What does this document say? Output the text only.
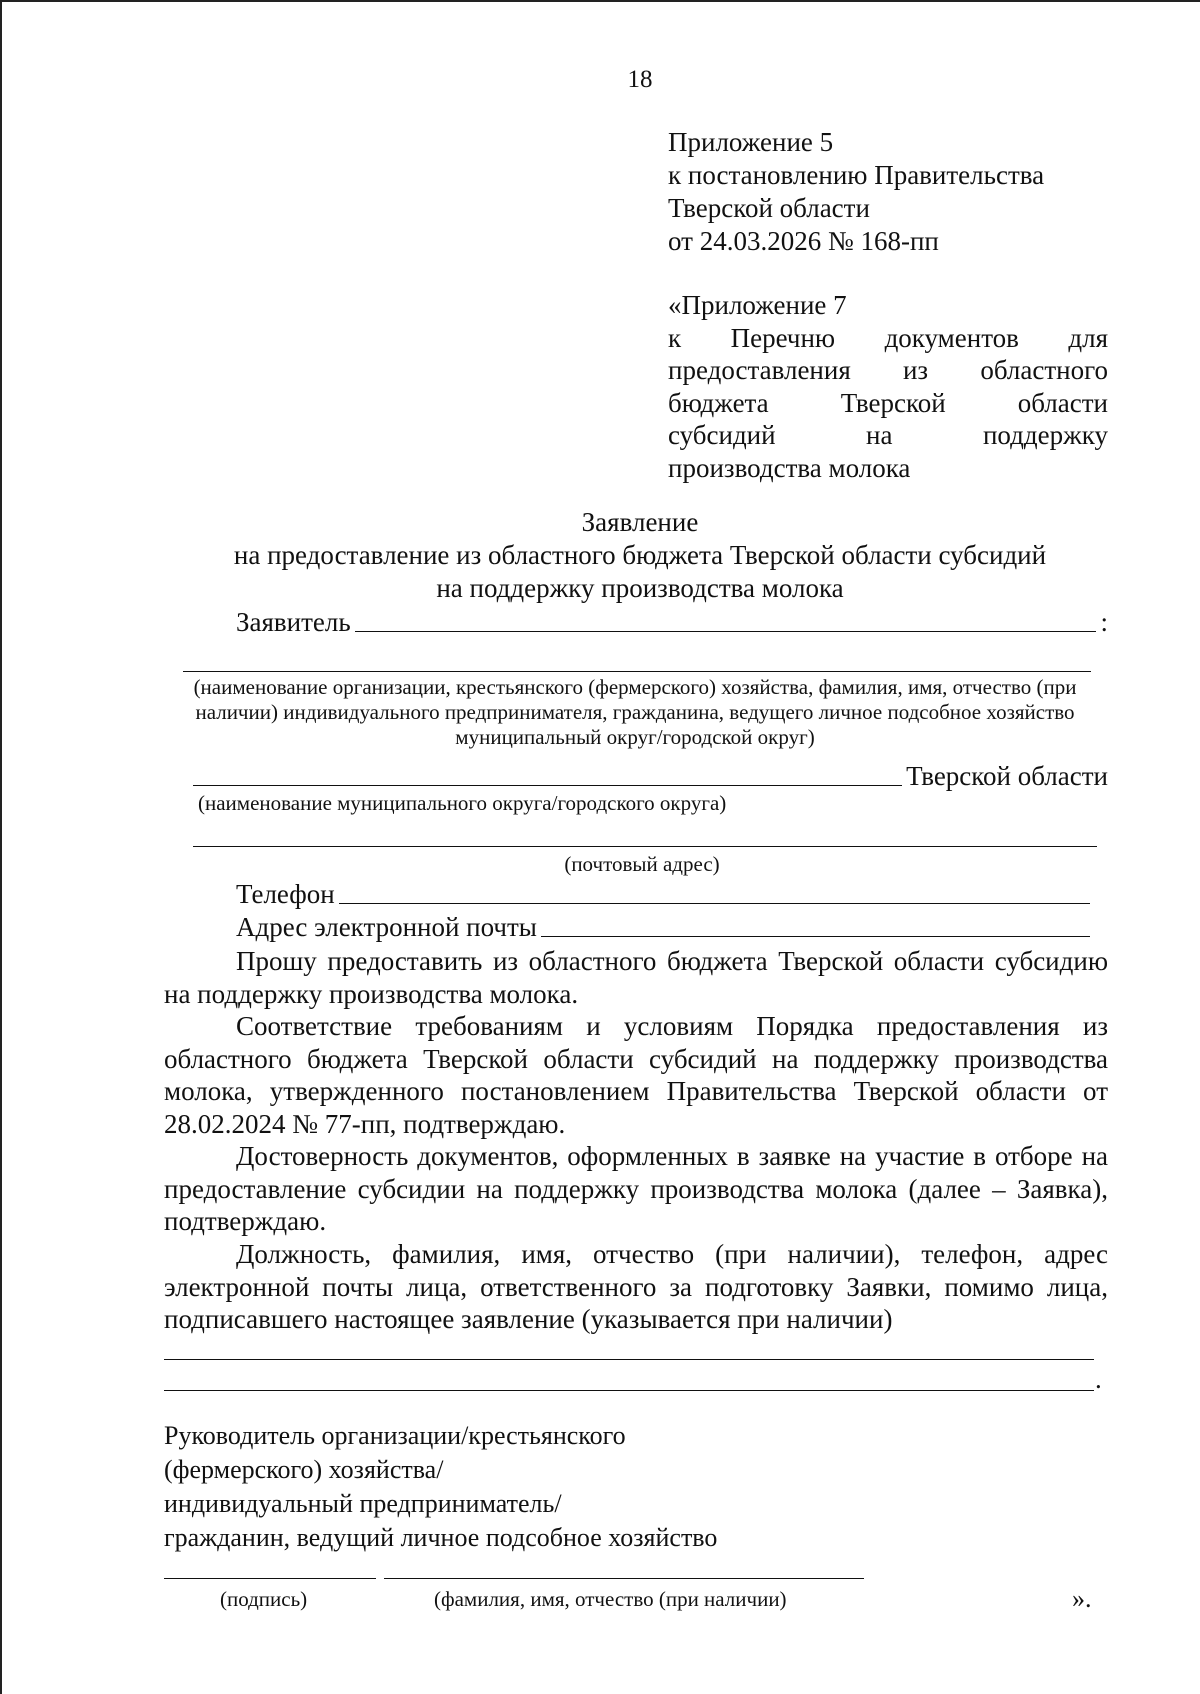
18
Приложение 5
к постановлению Правительства
Тверской области
от 24.03.2026 № 168-пп
«Приложение 7
к Перечню документов для
предоставления из областного
бюджета	Тверской	области
субсидий	на	поддержку
производства молока
Заявление
на предоставление из областного бюджета Тверской области субсидий
на поддержку производства молока
Заявитель	:
(наименование организации, крестьянского (фермерского) хозяйства, фамилия, имя, отчество (при наличии) индивидуального предпринимателя, гражданина, ведущего личное подсобное хозяйство муниципальный округ/городской округ)
Тверской области
(наименование муниципального округа/городского округа)
(почтовый адрес)
Телефон
Адрес электронной почты
Прошу предоставить из областного бюджета Тверской области субсидию на поддержку производства молока.
Соответствие требованиям и условиям Порядка предоставления из областного бюджета Тверской области субсидий на поддержку производства молока, утвержденного постановлением Правительства Тверской области от 28.02.2024 № 77-пп, подтверждаю.
Достоверность документов, оформленных в заявке на участие в отборе на предоставление субсидии на поддержку производства молока (далее – Заявка), подтверждаю.
Должность, фамилия, имя, отчество (при наличии), телефон, адрес электронной почты лица, ответственного за подготовку Заявки, помимо лица, подписавшего настоящее заявление (указывается при наличии)
.
Руководитель организации/крестьянского
(фермерского) хозяйства/
индивидуальный предприниматель/
гражданин, ведущий личное подсобное хозяйство
(подпись)	(фамилия, имя, отчество (при наличии)	».
